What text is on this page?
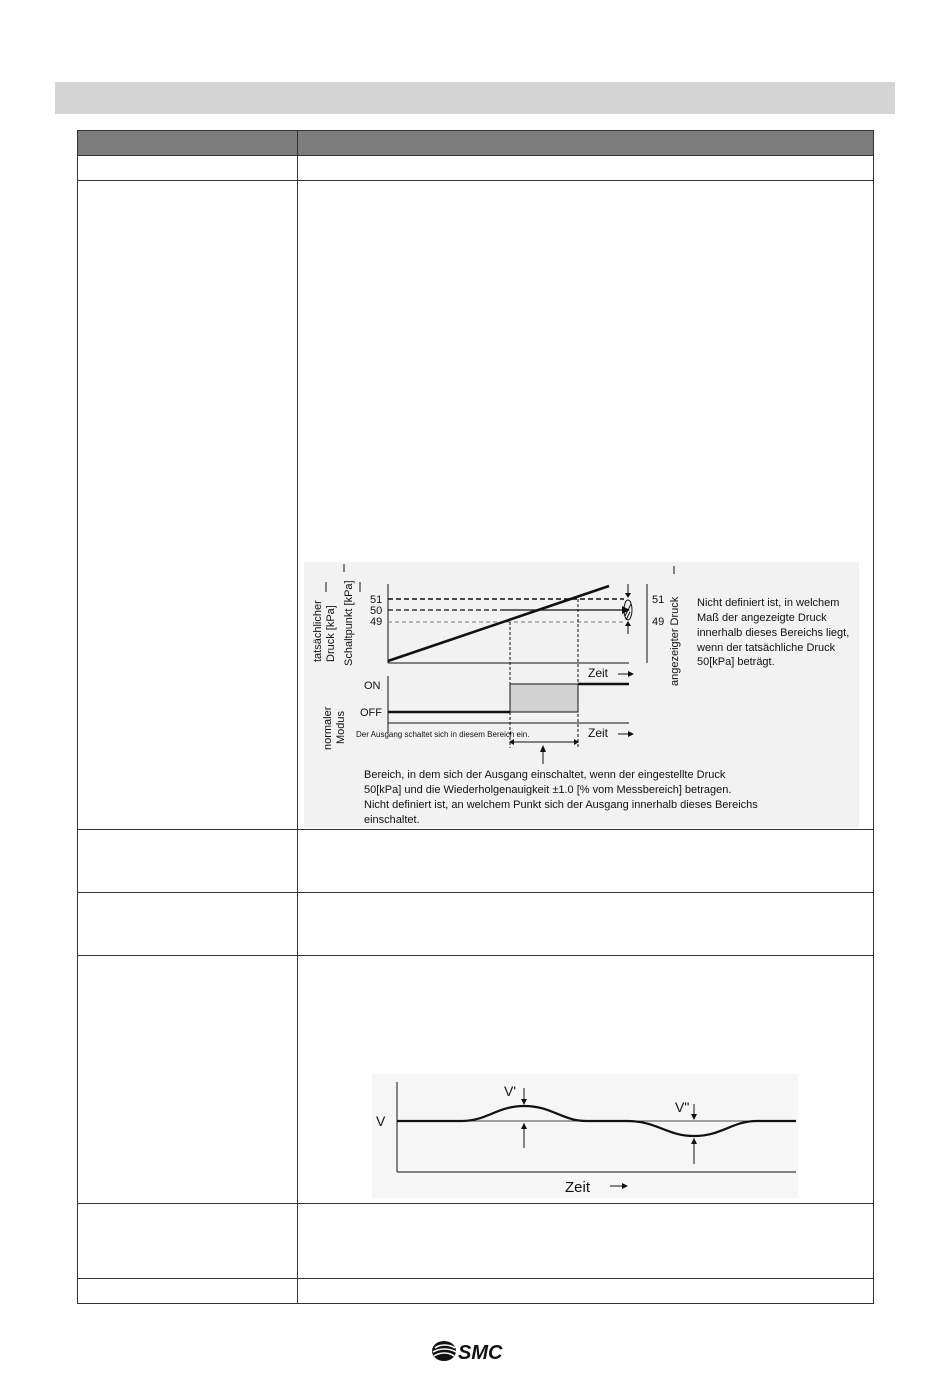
tatsächlicher Druck [kPa] Schaltpunkt [kPa] 51
50
49
51
49 angezeigter Druck Nicht definiert ist, in welchem
Maß der angezeigte Druck
innerhalb dieses Bereichs liegt,
wenn der tatsächliche Druck
50[kPa] beträgt.
Zeit
ON
OFF
normaler Modus Der Ausgang schaltet sich in diesem Bereich ein.	Zeit
Bereich, in dem sich der Ausgang einschaltet, wenn der eingestellte Druck
50[kPa] und die Wiederholgenauigkeit ±1.0 [% vom Messbereich] betragen.
Nicht definiert ist, an welchem Punkt sich der Ausgang innerhalb dieses Bereichs
einschaltet.
V
V'
V"
Zeit
SMC
